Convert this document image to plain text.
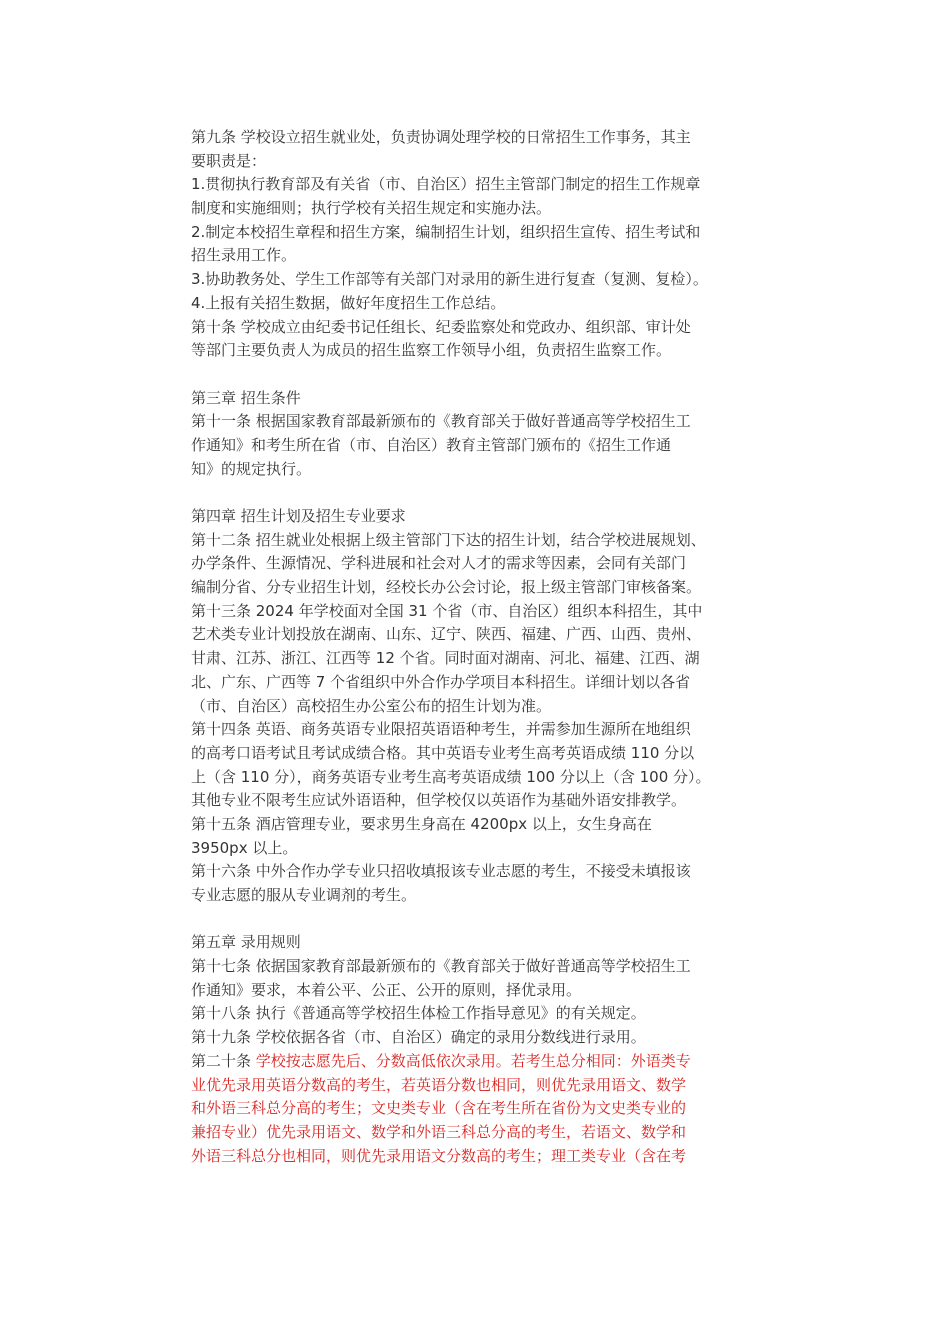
第九条 学校设立招生就业处，负责协调处理学校的日常招生工作事务，其主
要职责是：
1.贯彻执行教育部及有关省（市、自治区）招生主管部门制定的招生工作规章
制度和实施细则；执行学校有关招生规定和实施办法。
2.制定本校招生章程和招生方案，编制招生计划，组织招生宣传、招生考试和
招生录用工作。
3.协助教务处、学生工作部等有关部门对录用的新生进行复查（复测、复检）。
4.上报有关招生数据，做好年度招生工作总结。
第十条 学校成立由纪委书记任组长、纪委监察处和党政办、组织部、审计处
等部门主要负责人为成员的招生监察工作领导小组，负责招生监察工作。
第三章 招生条件
第十一条 根据国家教育部最新颁布的《教育部关于做好普通高等学校招生工
作通知》和考生所在省（市、自治区）教育主管部门颁布的《招生工作通
知》的规定执行。
第四章 招生计划及招生专业要求
第十二条 招生就业处根据上级主管部门下达的招生计划，结合学校进展规划、
办学条件、生源情况、学科进展和社会对人才的需求等因素，会同有关部门
编制分省、分专业招生计划，经校长办公会讨论，报上级主管部门审核备案。
第十三条 2024 年学校面对全国 31 个省（市、自治区）组织本科招生，其中
艺术类专业计划投放在湖南、山东、辽宁、陕西、福建、广西、山西、贵州、
甘肃、江苏、浙江、江西等 12 个省。同时面对湖南、河北、福建、江西、湖
北、广东、广西等 7 个省组织中外合作办学项目本科招生。详细计划以各省
（市、自治区）高校招生办公室公布的招生计划为准。
第十四条 英语、商务英语专业限招英语语种考生，并需参加生源所在地组织
的高考口语考试且考试成绩合格。其中英语专业考生高考英语成绩 110 分以
上（含 110 分），商务英语专业考生高考英语成绩 100 分以上（含 100 分）。
其他专业不限考生应试外语语种，但学校仅以英语作为基础外语安排教学。
第十五条 酒店管理专业，要求男生身高在 4200px 以上，女生身高在
3950px 以上。
第十六条 中外合作办学专业只招收填报该专业志愿的考生，不接受未填报该
专业志愿的服从专业调剂的考生。
第五章 录用规则
第十七条 依据国家教育部最新颁布的《教育部关于做好普通高等学校招生工
作通知》要求，本着公平、公正、公开的原则，择优录用。
第十八条 执行《普通高等学校招生体检工作指导意见》的有关规定。
第十九条 学校依据各省（市、自治区）确定的录用分数线进行录用。
第二十条 学校按志愿先后、分数高低依次录用。若考生总分相同：外语类专
业优先录用英语分数高的考生，若英语分数也相同，则优先录用语文、数学
和外语三科总分高的考生；文史类专业（含在考生所在省份为文史类专业的
兼招专业）优先录用语文、数学和外语三科总分高的考生，若语文、数学和
外语三科总分也相同，则优先录用语文分数高的考生；理工类专业（含在考
